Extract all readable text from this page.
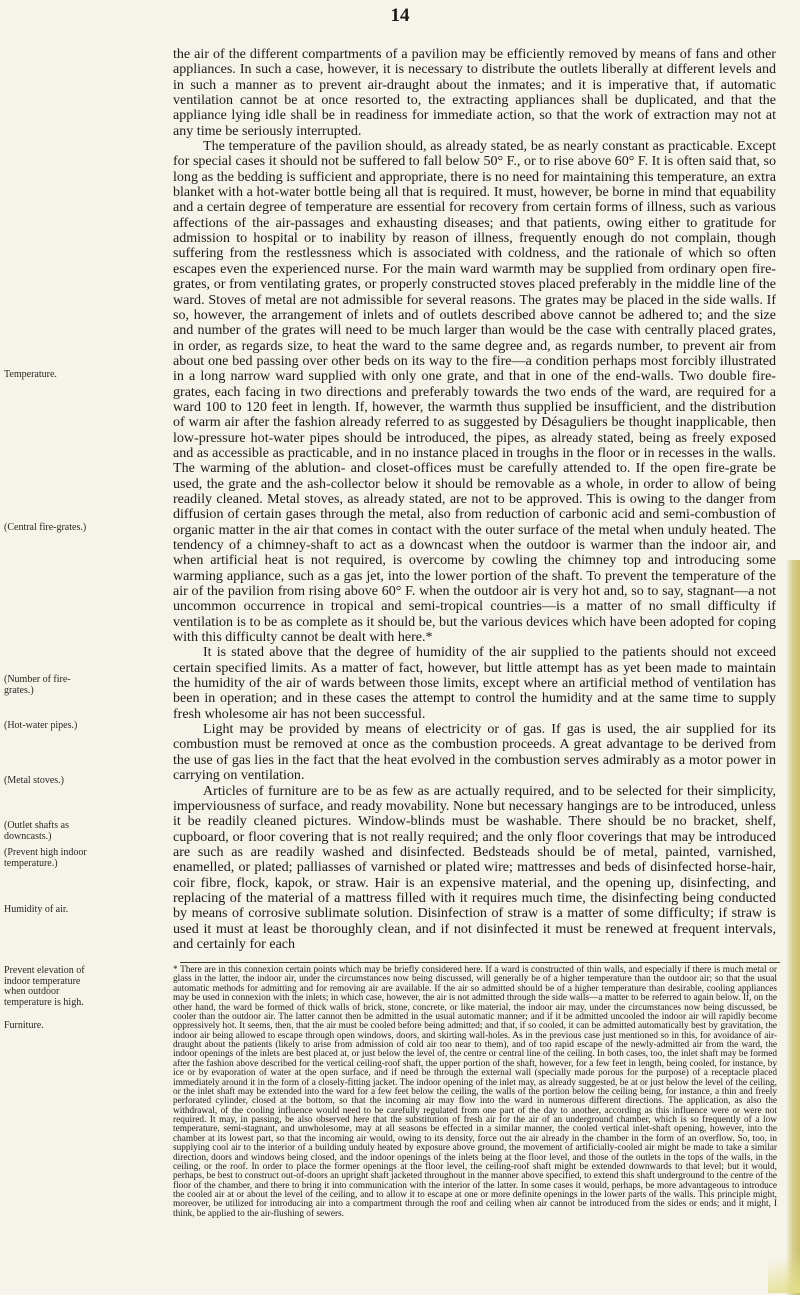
14
Temperature.
(Central fire-grates.)
(Number of fire-grates.)
(Hot-water pipes.)
(Metal stoves.)
(Outlet shafts as downcasts.)
(Prevent high indoor temperature.)
Humidity of air.
Furniture.

the air of the different compartments of a pavilion may be efficiently removed by means of fans and other appliances. In such a case, however, it is necessary to distribute the outlets liberally at different levels and in such a manner as to prevent air-draught about the inmates; and it is imperative that, if automatic ventilation cannot be at once resorted to, the extracting appliances shall be duplicated, and that the appliance lying idle shall be in readiness for immediate action, so that the work of extraction may not at any time be seriously interrupted.

The temperature of the pavilion should, as already stated, be as nearly constant as practicable. Except for special cases it should not be suffered to fall below 50° F., or to rise above 60° F. It is often said that, so long as the bedding is sufficient and appropriate, there is no need for maintaining this temperature, an extra blanket with a hot-water bottle being all that is required. It must, however, be borne in mind that equability and a certain degree of temperature are essential for recovery from certain forms of illness, such as various affections of the air-passages and exhausting diseases; and that patients, owing either to gratitude for admission to hospital or to inability by reason of illness, frequently enough do not complain, though suffering from the restlessness which is associated with coldness, and the rationale of which so often escapes even the experienced nurse. For the main ward warmth may be supplied from ordinary open fire-grates, or from ventilating grates, or properly constructed stoves placed preferably in the middle line of the ward. Stoves of metal are not admissible for several reasons. The grates may be placed in the side walls. If so, however, the arrangement of inlets and of outlets described above cannot be adhered to; and the size and number of the grates will need to be much larger than would be the case with centrally placed grates, in order, as regards size, to heat the ward to the same degree and, as regards number, to prevent air from about one bed passing over other beds on its way to the fire—a condition perhaps most forcibly illustrated in a long narrow ward supplied with only one grate, and that in one of the end-walls. Two double fire-grates, each facing in two directions and preferably towards the two ends of the ward, are required for a ward 100 to 120 feet in length. If, however, the warmth thus supplied be insufficient, and the distribution of warm air after the fashion already referred to as suggested by Désaguliers be thought inapplicable, then low-pressure hot-water pipes should be introduced, the pipes, as already stated, being as freely exposed and as accessible as practicable, and in no instance placed in troughs in the floor or in recesses in the walls. The warming of the ablution- and closet-offices must be carefully attended to. If the open fire-grate be used, the grate and the ash-collector below it should be removable as a whole, in order to allow of being readily cleaned. Metal stoves, as already stated, are not to be approved. This is owing to the danger from diffusion of certain gases through the metal, also from reduction of carbonic acid and semi-combustion of organic matter in the air that comes in contact with the outer surface of the metal when unduly heated. The tendency of a chimney-shaft to act as a downcast when the outdoor is warmer than the indoor air, and when artificial heat is not required, is overcome by cowling the chimney top and introducing some warming appliance, such as a gas jet, into the lower portion of the shaft. To prevent the temperature of the air of the pavilion from rising above 60° F. when the outdoor air is very hot and, so to say, stagnant—a not uncommon occurrence in tropical and semi-tropical countries—is a matter of no small difficulty if ventilation is to be as complete as it should be, but the various devices which have been adopted for coping with this difficulty cannot be dealt with here.*

It is stated above that the degree of humidity of the air supplied to the patients should not exceed certain specified limits. As a matter of fact, however, but little attempt has as yet been made to maintain the humidity of the air of wards between those limits, except where an artificial method of ventilation has been in operation; and in these cases the attempt to control the humidity and at the same time to supply fresh wholesome air has not been successful.

Light may be provided by means of electricity or of gas. If gas is used, the air supplied for its combustion must be removed at once as the combustion proceeds. A great advantage to be derived from the use of gas lies in the fact that the heat evolved in the combustion serves admirably as a motor power in carrying on ventilation.

Articles of furniture are to be as few as are actually required, and to be selected for their simplicity, imperviousness of surface, and ready movability. None but necessary hangings are to be introduced, unless it be readily cleaned pictures. Window-blinds must be washable. There should be no bracket, shelf, cupboard, or floor covering that is not really required; and the only floor coverings that may be introduced are such as are readily washed and disinfected. Bedsteads should be of metal, painted, varnished, enamelled, or plated; palliasses of varnished or plated wire; mattresses and beds of disinfected horse-hair, coir fibre, flock, kapok, or straw. Hair is an expensive material, and the opening up, disinfecting, and replacing of the material of a mattress filled with it requires much time, the disinfecting being conducted by means of corrosive sublimate solution. Disinfection of straw is a matter of some difficulty; if straw is used it must at least be thoroughly clean, and if not disinfected it must be renewed at frequent intervals, and certainly for each

Prevent elevation of indoor temperature when outdoor temperature is high.
* There are in this connexion certain points which may be briefly considered here. If a ward is constructed of thin walls, and especially if there is much metal or glass in the latter, the indoor air, under the circumstances now being discussed, will generally be of a higher temperature than the outdoor air; so that the usual automatic methods for admitting and for removing air are available. If the air so admitted should be of a higher temperature than desirable, cooling appliances may be used in connexion with the inlets; in which case, however, the air is not admitted through the side walls—a matter to be referred to again below. If, on the other hand, the ward be formed of thick walls of brick, stone, concrete, or like material, the indoor air may, under the circumstances now being discussed, be cooler than the outdoor air. The latter cannot then be admitted in the usual automatic manner; and if it be admitted uncooled the indoor air will rapidly become oppressively hot. It seems, then, that the air must be cooled before being admitted; and that, if so cooled, it can be admitted automatically best by gravitation, the indoor air being allowed to escape through open windows, doors, and skirting wall-holes. As in the previous case just mentioned so in this, for avoidance of air-draught about the patients (likely to arise from admission of cold air too near to them), and of too rapid escape of the newly-admitted air from the ward, the indoor openings of the inlets are best placed at, or just below the level of, the centre or central line of the ceiling. In both cases, too, the inlet shaft may be formed after the fashion above described for the vertical ceiling-roof shaft, the upper portion of the shaft, however, for a few feet in length, being cooled, for instance, by ice or by evaporation of water at the open surface, and if need be through the external wall (specially made porous for the purpose) of a receptacle placed immediately around it in the form of a closely-fitting jacket. The indoor opening of the inlet may, as already suggested, be at or just below the level of the ceiling, or the inlet shaft may be extended into the ward for a few feet below the ceiling, the walls of the portion below the ceiling being, for instance, a thin and freely perforated cylinder, closed at the bottom, so that the incoming air may flow into the ward in numerous different directions. The application, as also the withdrawal, of the cooling influence would need to be carefully regulated from one part of the day to another, according as this influence were or were not required. It may, in passing, be also observed here that the substitution of fresh air for the air of an underground chamber, which is so frequently of a low temperature, semi-stagnant, and unwholesome, may at all seasons be effected in a similar manner, the cooled vertical inlet-shaft opening, however, into the chamber at its lowest part, so that the incoming air would, owing to its density, force out the air already in the chamber in the form of an overflow. So, too, in supplying cool air to the interior of a building unduly heated by exposure above ground, the movement of artificially-cooled air might be made to take a similar direction, doors and windows being closed, and the indoor openings of the inlets being at the floor level, and those of the outlets in the tops of the walls, in the ceiling, or the roof. In order to place the former openings at the floor level, the ceiling-roof shaft might be extended downwards to that level; but it would, perhaps, be best to construct out-of-doors an upright shaft jacketed throughout in the manner above specified, to extend this shaft underground to the centre of the floor of the chamber, and there to bring it into communication with the interior of the latter. In some cases it would, perhaps, be more advantageous to introduce the cooled air at or about the level of the ceiling, and to allow it to escape at one or more definite openings in the lower parts of the walls. This principle might, moreover, be utilized for introducing air into a compartment through the roof and ceiling when air cannot be introduced from the sides or ends; and it might, I think, be applied to the air-flushing of sewers.
